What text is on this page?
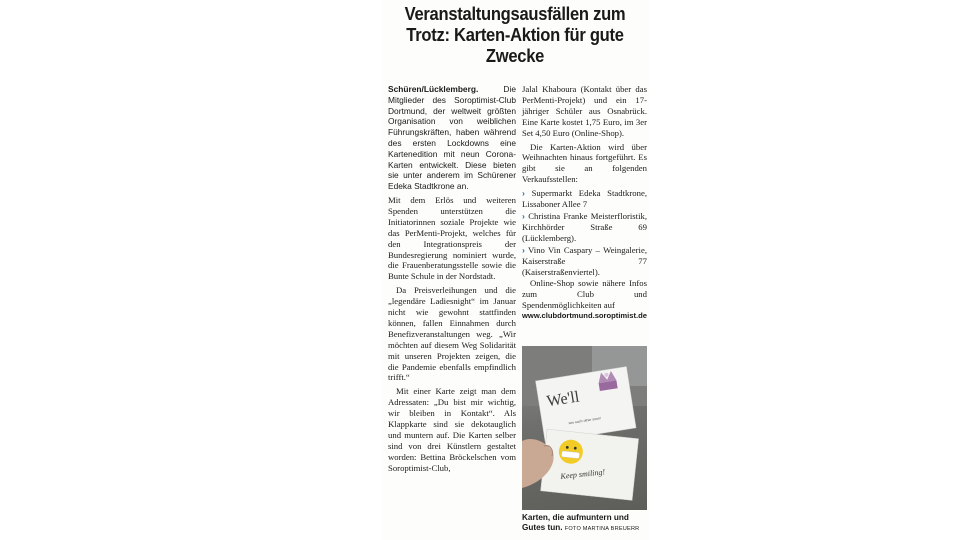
Veranstaltungsausfällen zum Trotz: Karten-Aktion für gute Zwecke

Schüren/Lücklemberg.	Die Mitglieder des Soroptimist-Club Dortmund, der weltweit größten Organisation von weiblichen Führungskräften, haben während des ersten Lockdowns eine Kartenedition mit neun Corona-Karten entwickelt. Diese bieten sie unter anderem im Schürener Edeka Stadtkrone an.

Mit dem Erlös und weiteren Spenden unterstützen die Initiatorinnen soziale Projekte wie das PerMenti-Projekt, welches für den Integrationspreis der Bundesregierung nominiert wurde, die Frauenberatungsstelle sowie die Bunte Schule in der Nordstadt.

Da Preisverleihungen und die „legendäre Ladiesnight“ im Januar nicht wie gewohnt stattfinden können, fallen Einnahmen durch Benefizveranstaltungen weg. „Wir möchten auf diesem Weg Solidarität mit unseren Projekten zeigen, die die Pandemie ebenfalls empfindlich trifft.“

Mit einer Karte zeigt man dem Adressaten: „Du bist mir wichtig, wir bleiben in Kontakt“. Als Klappkarte sind sie dekotauglich und muntern auf. Die Karten selber sind von drei Künstlern gestaltet worden: Bettina Bröckelschen vom Soroptimist-Club,

Jalal Khaboura (Kontakt über das PerMenti-Projekt) und ein 17-jähriger Schüler aus Osnabrück. Eine Karte kostet 1,75 Euro, im 3er Set 4,50 Euro (Online-Shop).

Die Karten-Aktion wird über Weihnachten hinaus fortgeführt. Es gibt sie an folgenden Verkaufsstellen:

› Supermarkt Edeka Stadtkrone, Lissaboner Allee 7

› Christina Franke Meisterfloristik, Kirchhörder Straße 69 (Lücklemberg).

› Vino Vin Caspary – Weingalerie, Kaiserstraße 77 (Kaiserstraßenviertel).

Online-Shop sowie nähere Infos zum Club und Spendenmöglichkeiten auf

www.clubdortmund.soroptimist.de

We'll
see each other soon!
Keep smiling!
Karten, die aufmuntern und Gutes tun. FOTO MARTINA BREUERR
